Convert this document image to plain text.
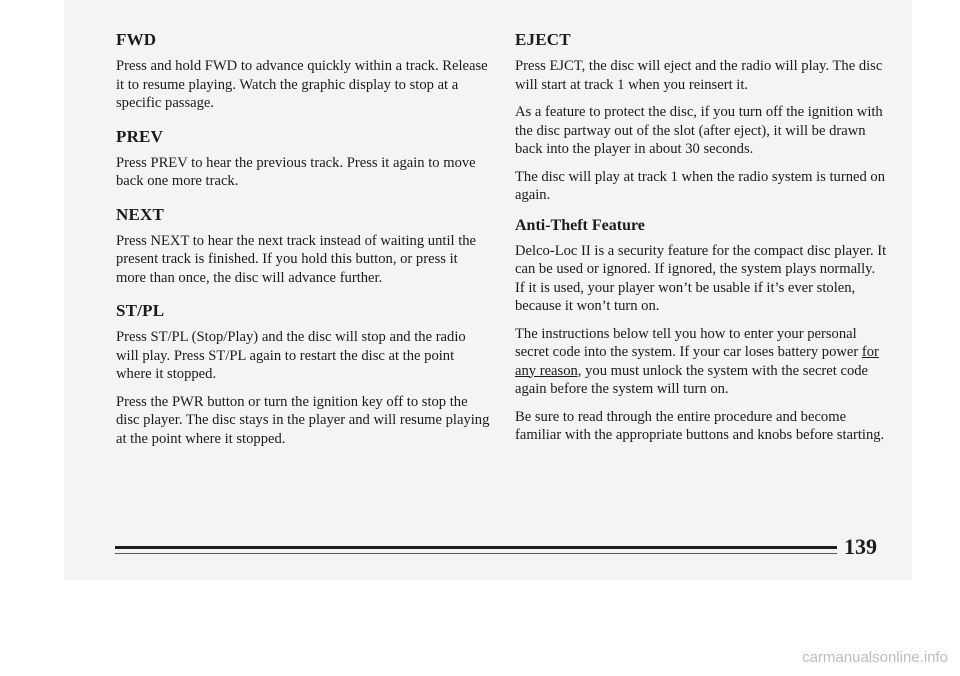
FWD

Press and hold FWD to advance quickly within a track. Release it to resume playing. Watch the graphic display to stop at a specific passage.

PREV

Press PREV to hear the previous track. Press it again to move back one more track.

NEXT

Press NEXT to hear the next track instead of waiting until the present track is finished. If you hold this button, or press it more than once, the disc will advance further.

ST/PL

Press ST/PL (Stop/Play) and the disc will stop and the radio will play. Press ST/PL again to restart the disc at the point where it stopped.

Press the PWR button or turn the ignition key off to stop the disc player. The disc stays in the player and will resume playing at the point where it stopped.

EJECT

Press EJCT, the disc will eject and the radio will play. The disc will start at track 1 when you reinsert it.

As a feature to protect the disc, if you turn off the ignition with the disc partway out of the slot (after eject), it will be drawn back into the player in about 30 seconds.

The disc will play at track 1 when the radio system is turned on again.

Anti-Theft Feature

Delco-Loc II is a security feature for the compact disc player. It can be used or ignored. If ignored, the system plays normally. If it is used, your player won’t be usable if it’s ever stolen, because it won’t turn on.

The instructions below tell you how to enter your personal secret code into the system. If your car loses battery power for any reason, you must unlock the system with the secret code again before the system will turn on.

Be sure to read through the entire procedure and become familiar with the appropriate buttons and knobs before starting.

139
carmanualsonline.info
